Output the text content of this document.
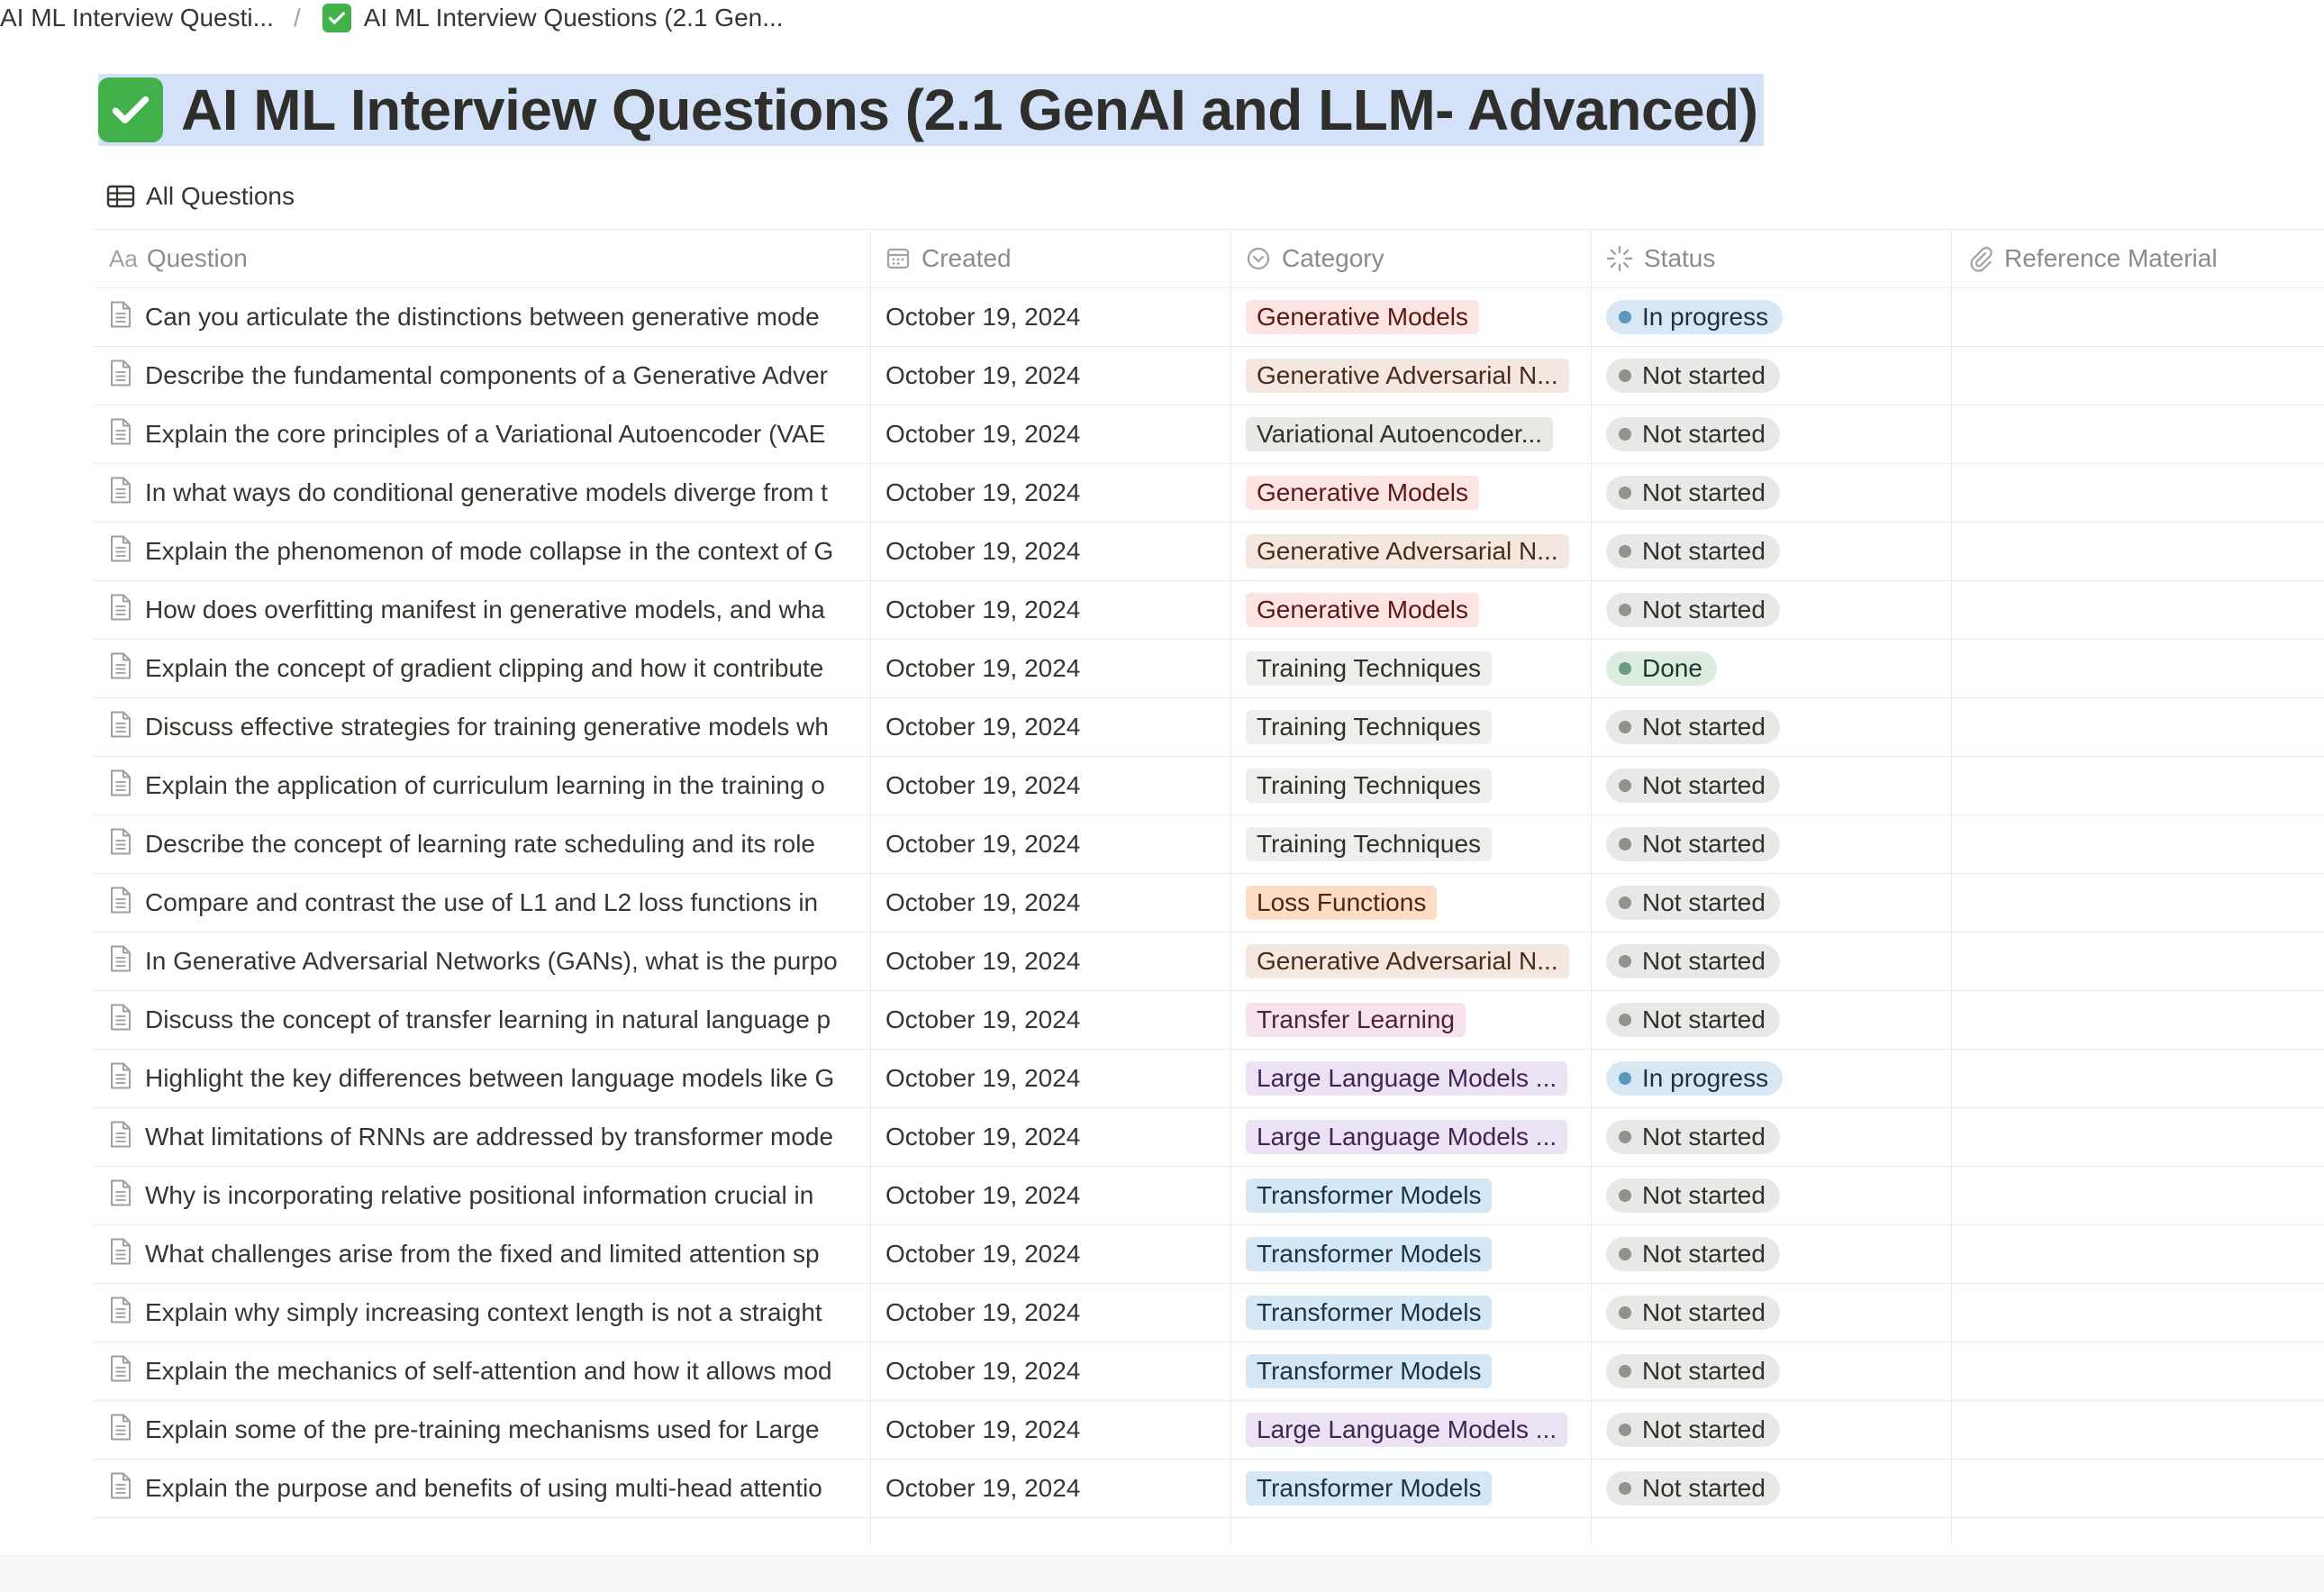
AI ML Interview Questi... /	AI ML Interview Questions (2.1 Gen...
AI ML Interview Questions (2.1 GenAI and LLM- Advanced)
All Questions
Aa Question	Created	Category	Status	Reference Material
Can you articulate the distinctions between generative mode	October 19, 2024	Generative Models	In progress
Describe the fundamental components of a Generative Adver October 19, 2024	Generative Adversarial N...	Not started
Explain the core principles of a Variational Autoencoder (VAE October 19, 2024	Variational Autoencoder...	Not started
In what ways do conditional generative models diverge from t October 19, 2024	Generative Models	Not started
Explain the phenomenon of mode collapse in the context of G October 19, 2024	Generative Adversarial N...	Not started
How does overfitting manifest in generative models, and wha October 19, 2024	Generative Models	Not started
Explain the concept of gradient clipping and how it contribute October 19, 2024	Training Techniques	Done
Discuss effective strategies for training generative models wh October 19, 2024	Training Techniques	Not started
Explain the application of curriculum learning in the training o October 19, 2024	Training Techniques	Not started
Describe the concept of learning rate scheduling and its role	October 19, 2024	Training Techniques	Not started
Compare and contrast the use of L1 and L2 loss functions in	October 19, 2024	Loss Functions	Not started
In Generative Adversarial Networks (GANs), what is the purpo October 19, 2024	Generative Adversarial N...	Not started
Discuss the concept of transfer learning in natural language p October 19, 2024	Transfer Learning	Not started
Highlight the key differences between language models like G October 19, 2024	Large Language Models ...	In progress
What limitations of RNNs are addressed by transformer mode October 19, 2024	Large Language Models ...	Not started
Why is incorporating relative positional information crucial in	October 19, 2024	Transformer Models	Not started
What challenges arise from the fixed and limited attention sp	October 19, 2024	Transformer Models	Not started
Explain why simply increasing context length is not a straight	October 19, 2024	Transformer Models	Not started
Explain the mechanics of self-attention and how it allows mod October 19, 2024	Transformer Models	Not started
Explain some of the pre-training mechanisms used for Large	October 19, 2024	Large Language Models ...	Not started
Explain the purpose and benefits of using multi-head attentio	October 19, 2024	Transformer Models	Not started
